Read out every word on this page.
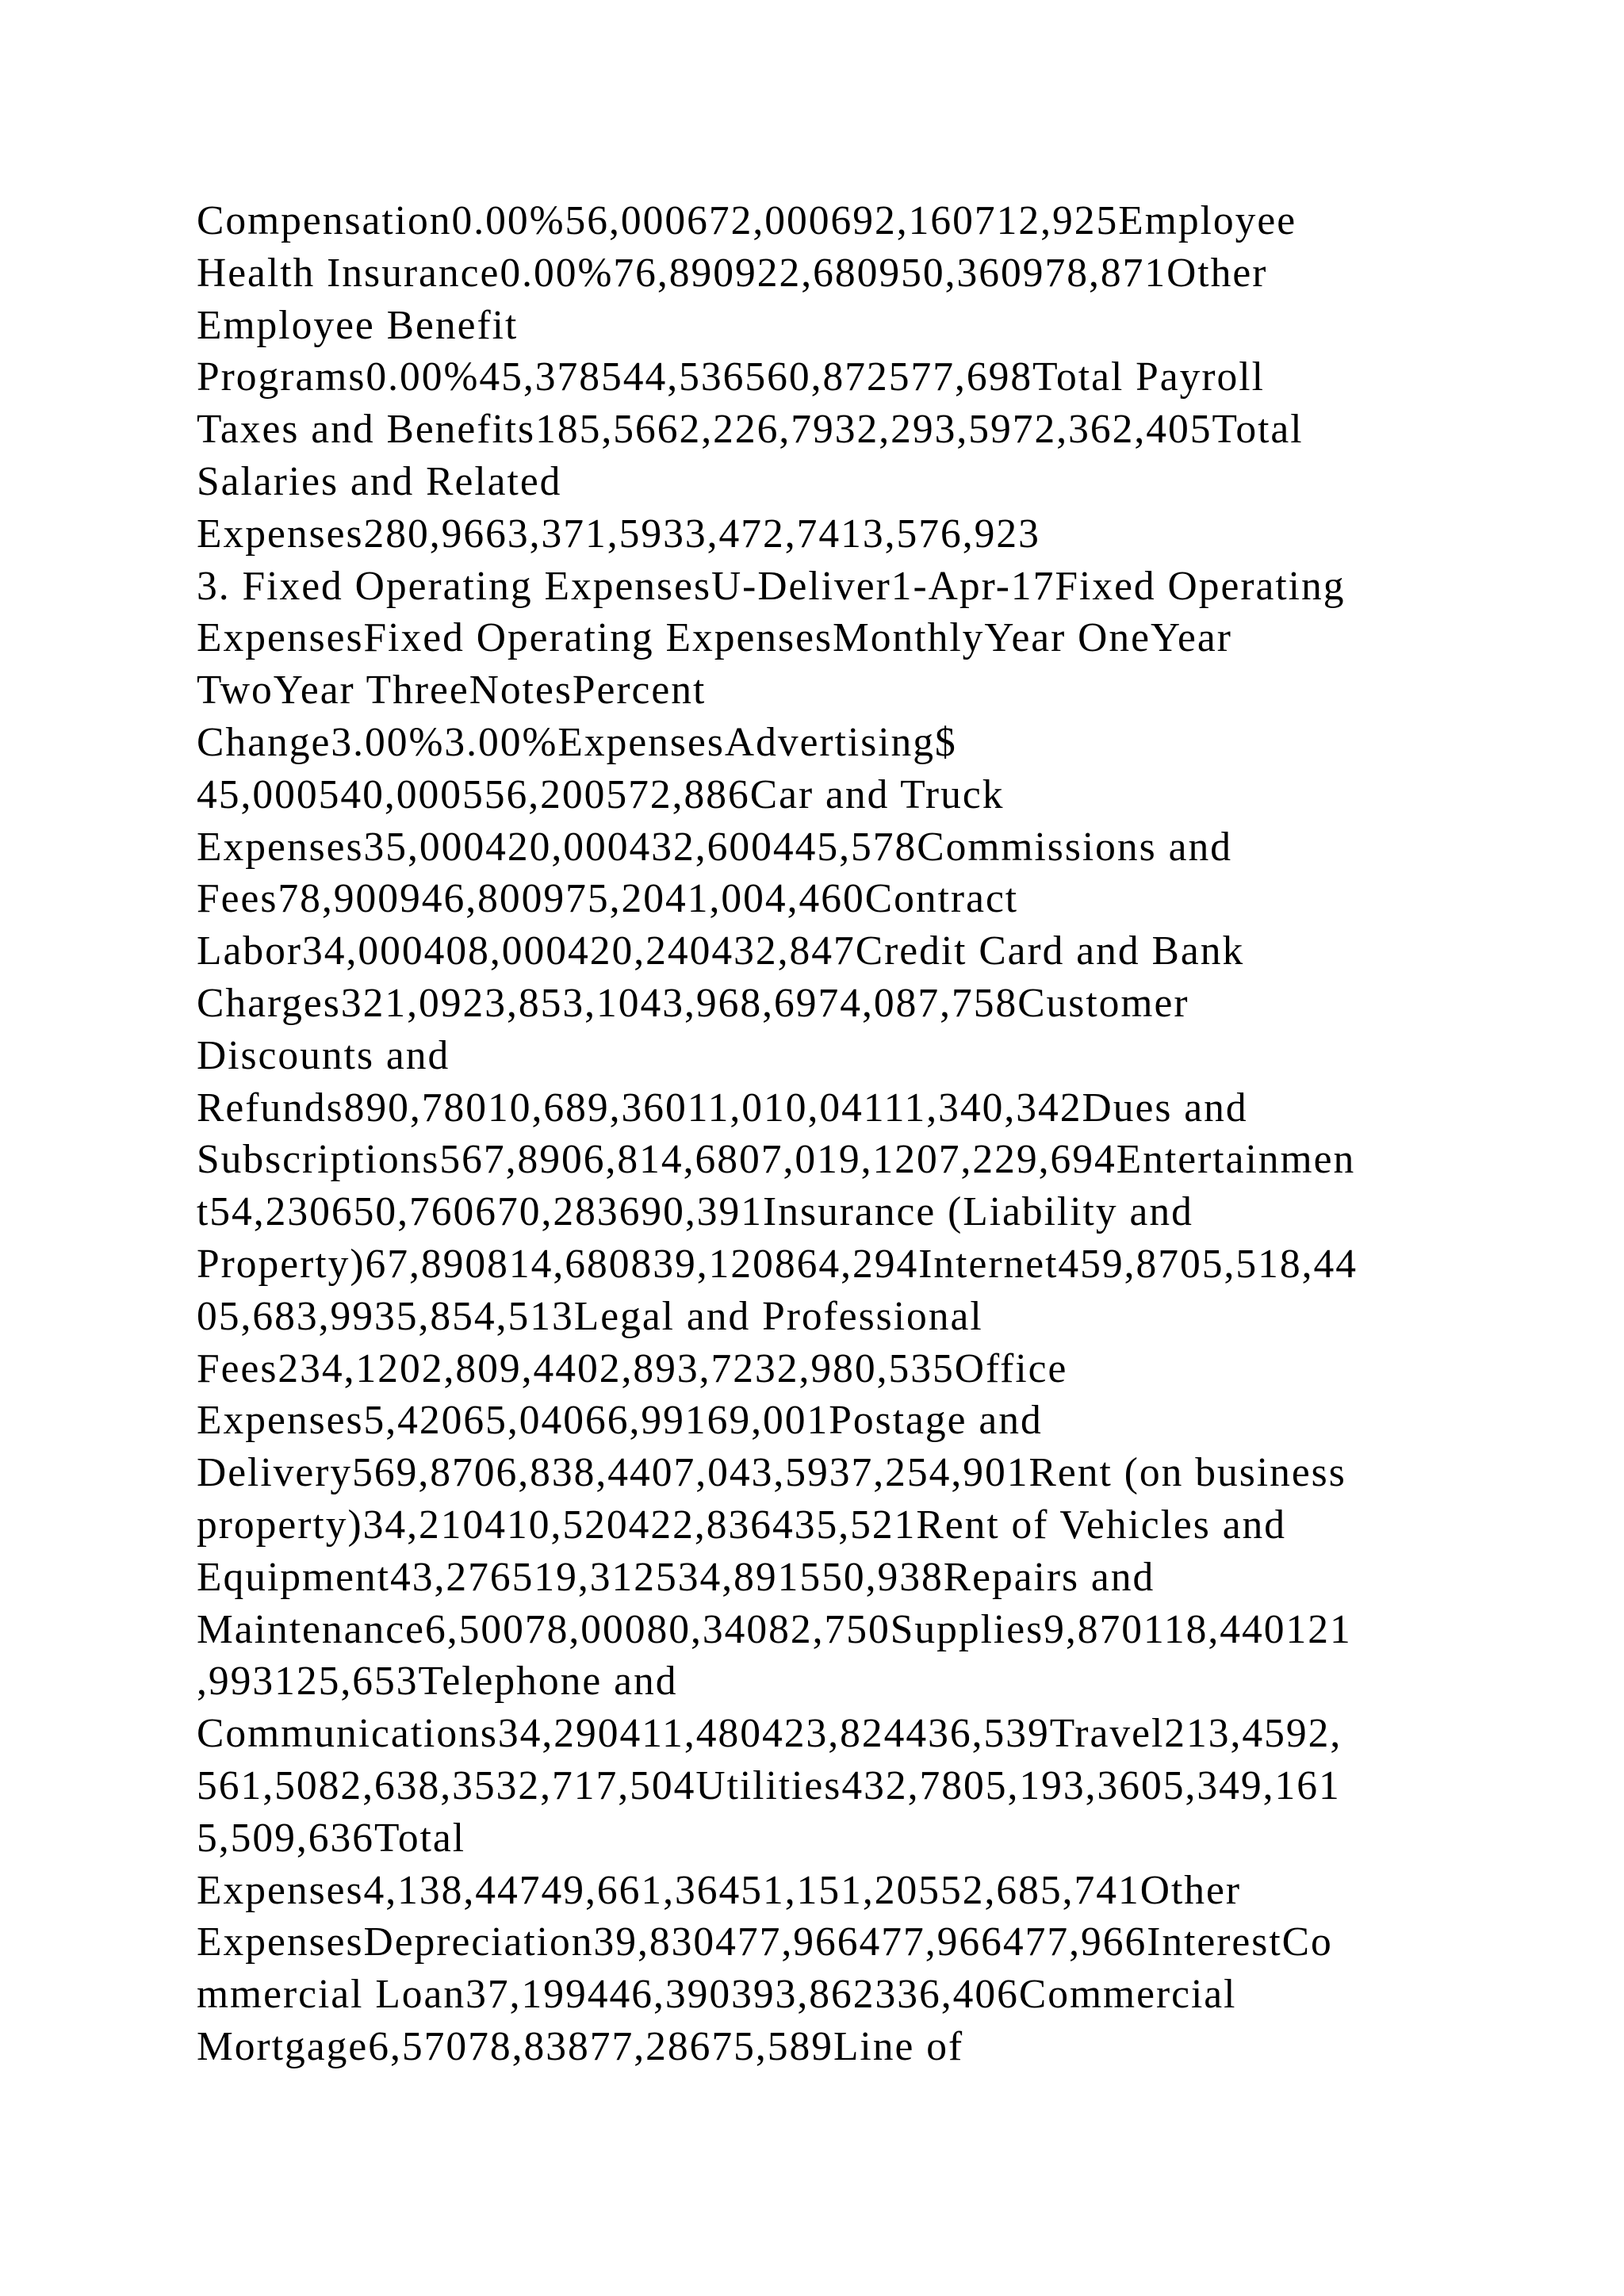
Compensation0.00%56,000672,000692,160712,925Employee
Health Insurance0.00%76,890922,680950,360978,871Other
Employee Benefit
Programs0.00%45,378544,536560,872577,698Total Payroll
Taxes and Benefits185,5662,226,7932,293,5972,362,405Total
Salaries and Related
Expenses280,9663,371,5933,472,7413,576,923
3. Fixed Operating ExpensesU-Deliver1-Apr-17Fixed Operating
ExpensesFixed Operating ExpensesMonthlyYear OneYear
TwoYear ThreeNotesPercent
Change3.00%3.00%ExpensesAdvertising$
45,000540,000556,200572,886Car and Truck
Expenses35,000420,000432,600445,578Commissions and
Fees78,900946,800975,2041,004,460Contract
Labor34,000408,000420,240432,847Credit Card and Bank
Charges321,0923,853,1043,968,6974,087,758Customer
Discounts and
Refunds890,78010,689,36011,010,04111,340,342Dues and
Subscriptions567,8906,814,6807,019,1207,229,694Entertainmen
t54,230650,760670,283690,391Insurance (Liability and
Property)67,890814,680839,120864,294Internet459,8705,518,44
05,683,9935,854,513Legal and Professional
Fees234,1202,809,4402,893,7232,980,535Office
Expenses5,42065,04066,99169,001Postage and
Delivery569,8706,838,4407,043,5937,254,901Rent (on business
property)34,210410,520422,836435,521Rent of Vehicles and
Equipment43,276519,312534,891550,938Repairs and
Maintenance6,50078,00080,34082,750Supplies9,870118,440121
,993125,653Telephone and
Communications34,290411,480423,824436,539Travel213,4592,
561,5082,638,3532,717,504Utilities432,7805,193,3605,349,161
5,509,636Total
Expenses4,138,44749,661,36451,151,20552,685,741Other
ExpensesDepreciation39,830477,966477,966477,966InterestCo
mmercial Loan37,199446,390393,862336,406Commercial
Mortgage6,57078,83877,28675,589Line of
